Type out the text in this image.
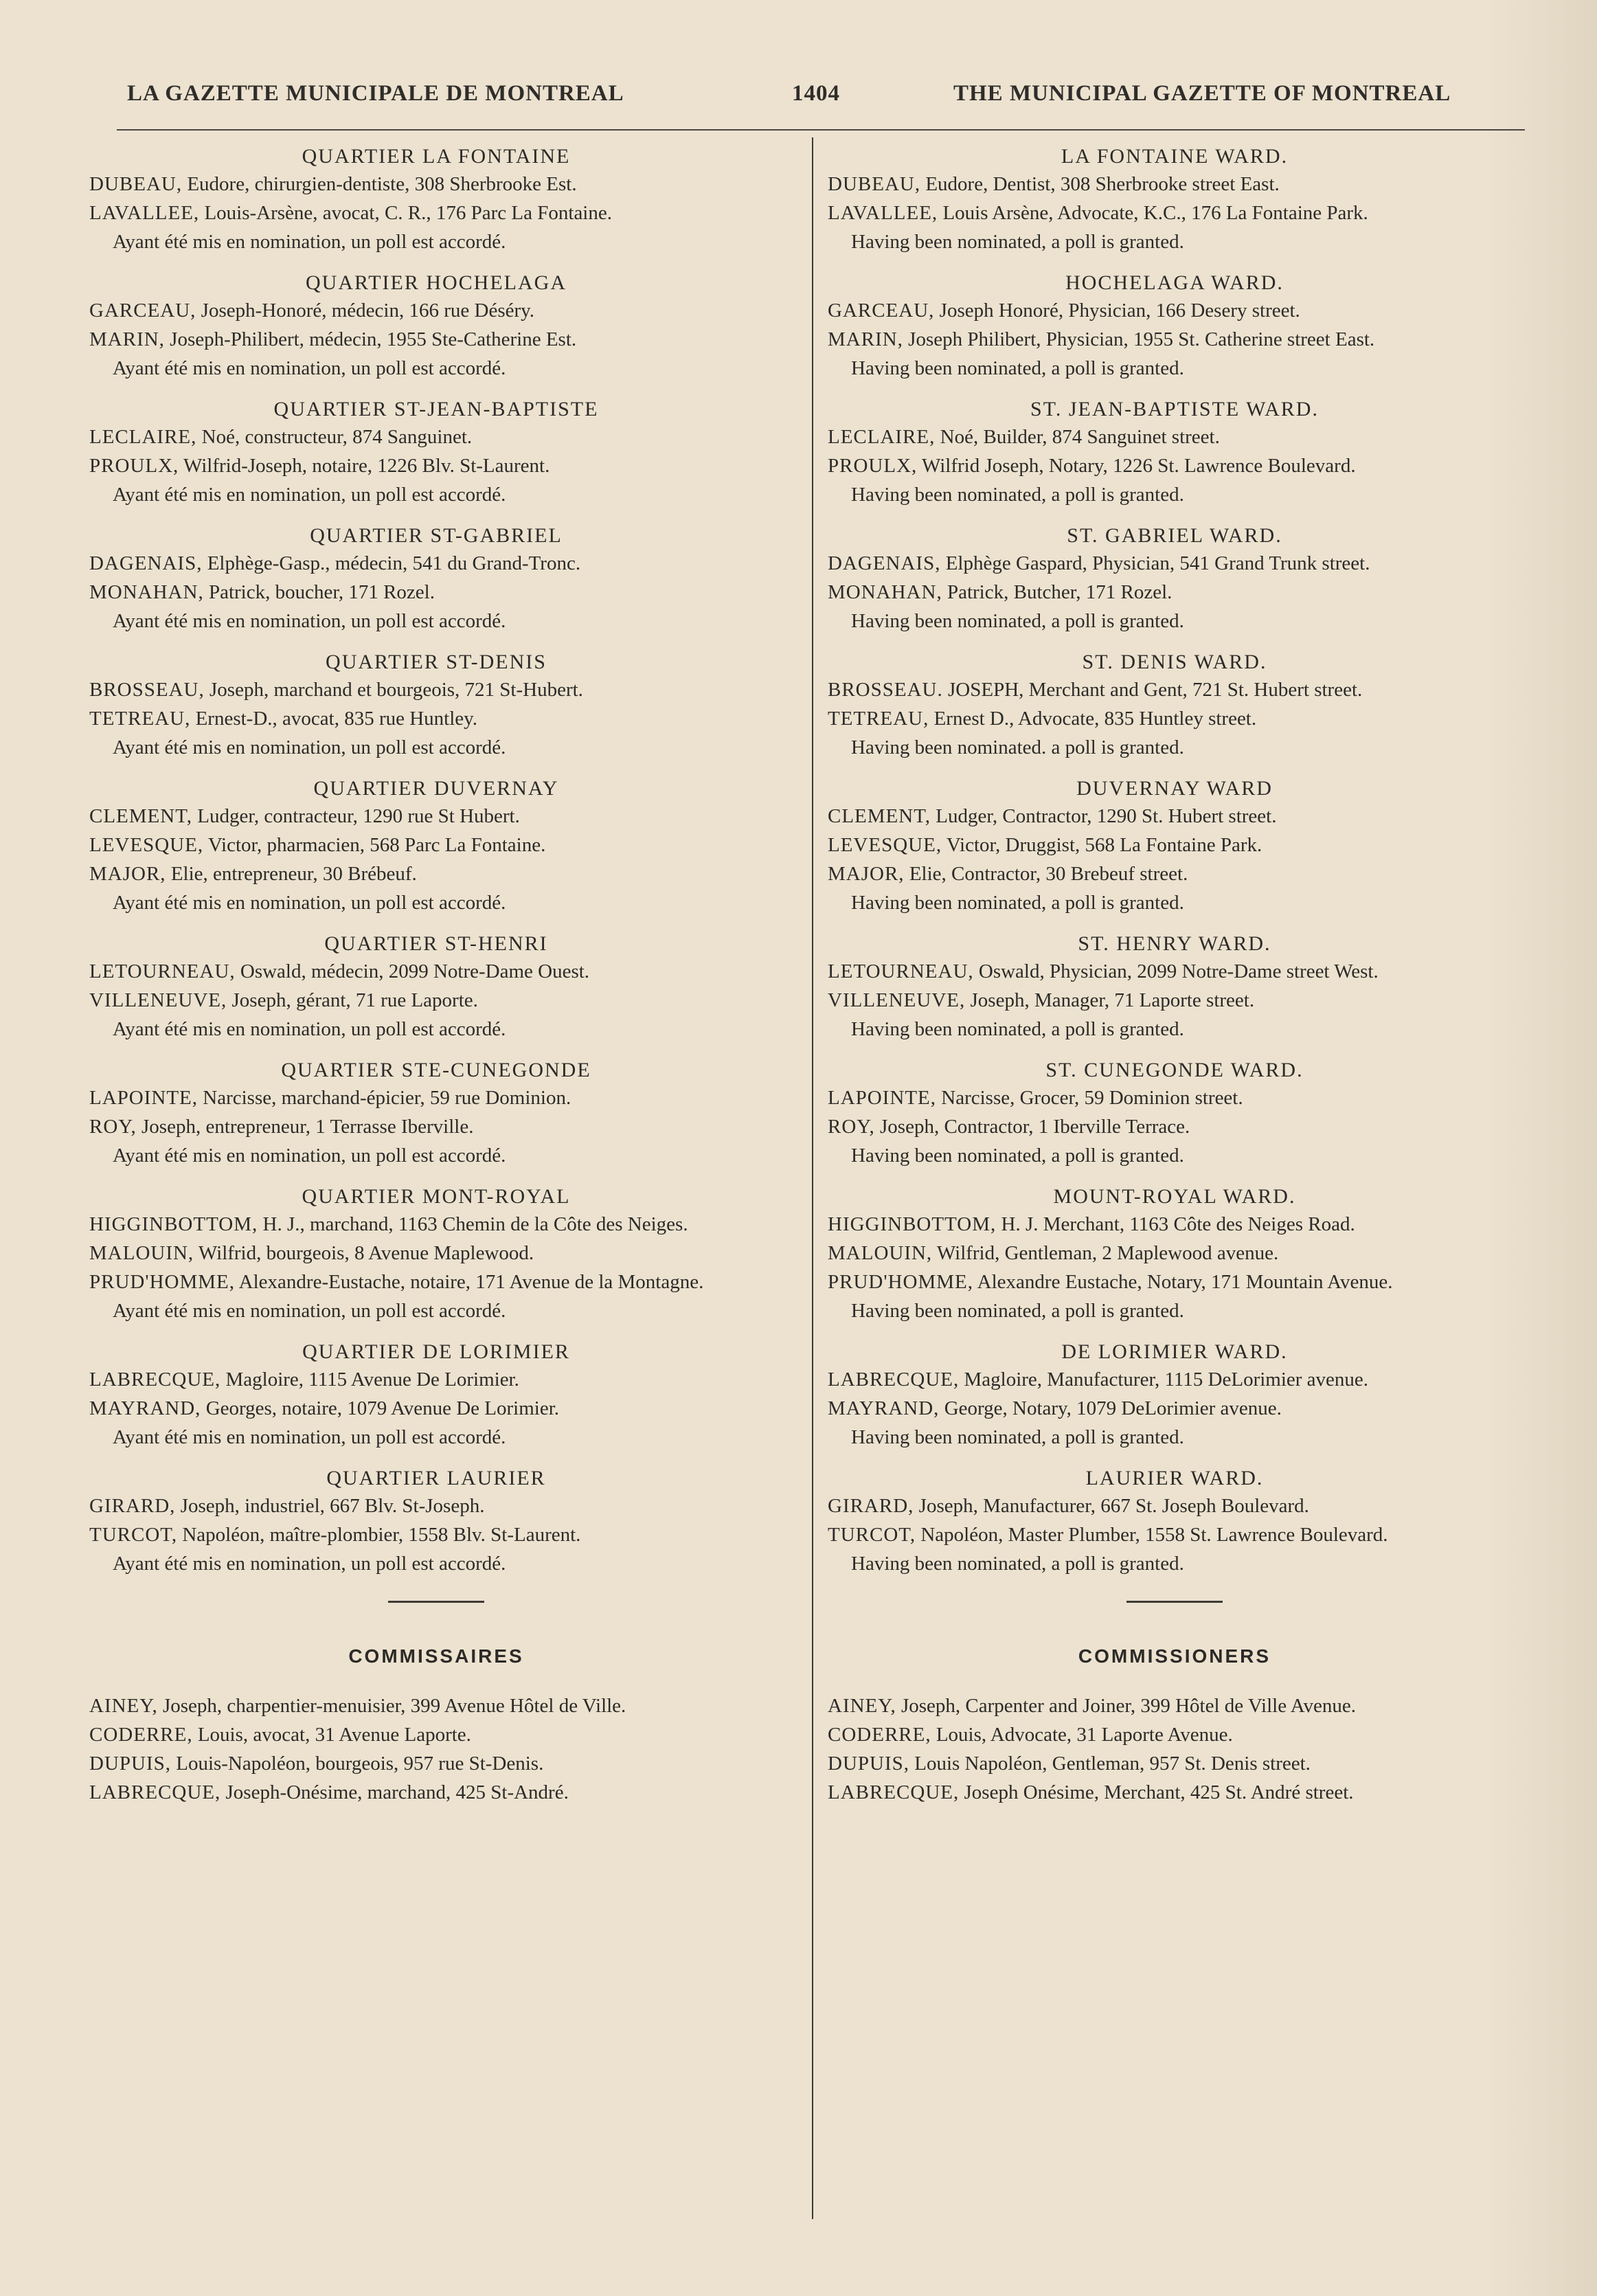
LA GAZETTE MUNICIPALE DE MONTREAL	1404	THE MUNICIPAL GAZETTE OF MONTREAL
QUARTIER LA FONTAINE
DUBEAU, Eudore, chirurgien-dentiste, 308 Sherbrooke Est.
LAVALLEE, Louis-Arsène, avocat, C. R., 176 Parc La Fontaine.
Ayant été mis en nomination, un poll est accordé.
QUARTIER HOCHELAGA
GARCEAU, Joseph-Honoré, médecin, 166 rue Déséry.
MARIN, Joseph-Philibert, médecin, 1955 Ste-Catherine Est.
Ayant été mis en nomination, un poll est accordé.
QUARTIER ST-JEAN-BAPTISTE
LECLAIRE, Noé, constructeur, 874 Sanguinet.
PROULX, Wilfrid-Joseph, notaire, 1226 Blv. St-Laurent.
Ayant été mis en nomination, un poll est accordé.
QUARTIER ST-GABRIEL
DAGENAIS, Elphège-Gasp., médecin, 541 du Grand-Tronc.
MONAHAN, Patrick, boucher, 171 Rozel.
Ayant été mis en nomination, un poll est accordé.
QUARTIER ST-DENIS
BROSSEAU, Joseph, marchand et bourgeois, 721 St-Hubert.
TETREAU, Ernest-D., avocat, 835 rue Huntley.
Ayant été mis en nomination, un poll est accordé.
QUARTIER DUVERNAY
CLEMENT, Ludger, contracteur, 1290 rue St Hubert.
LEVESQUE, Victor, pharmacien, 568 Parc La Fontaine.
MAJOR, Elie, entrepreneur, 30 Brébeuf.
Ayant été mis en nomination, un poll est accordé.
QUARTIER ST-HENRI
LETOURNEAU, Oswald, médecin, 2099 Notre-Dame Ouest.
VILLENEUVE, Joseph, gérant, 71 rue Laporte.
Ayant été mis en nomination, un poll est accordé.
QUARTIER STE-CUNEGONDE
LAPOINTE, Narcisse, marchand-épicier, 59 rue Dominion.
ROY, Joseph, entrepreneur, 1 Terrasse Iberville.
Ayant été mis en nomination, un poll est accordé.
QUARTIER MONT-ROYAL
HIGGINBOTTOM, H. J., marchand, 1163 Chemin de la Côte des Neiges.
MALOUIN, Wilfrid, bourgeois, 8 Avenue Maplewood.
PRUD'HOMME, Alexandre-Eustache, notaire, 171 Avenue de la Montagne.
Ayant été mis en nomination, un poll est accordé.
QUARTIER DE LORIMIER
LABRECQUE, Magloire, 1115 Avenue De Lorimier.
MAYRAND, Georges, notaire, 1079 Avenue De Lorimier.
Ayant été mis en nomination, un poll est accordé.
QUARTIER LAURIER
GIRARD, Joseph, industriel, 667 Blv. St-Joseph.
TURCOT, Napoléon, maître-plombier, 1558 Blv. St-Laurent.
Ayant été mis en nomination, un poll est accordé.
COMMISSAIRES
AINEY, Joseph, charpentier-menuisier, 399 Avenue Hôtel de Ville.
CODERRE, Louis, avocat, 31 Avenue Laporte.
DUPUIS, Louis-Napoléon, bourgeois, 957 rue St-Denis.
LABRECQUE, Joseph-Onésime, marchand, 425 St-André.
LA FONTAINE WARD.
DUBEAU, Eudore, Dentist, 308 Sherbrooke street East.
LAVALLEE, Louis Arsène, Advocate, K.C., 176 La Fontaine Park.
Having been nominated, a poll is granted.
HOCHELAGA WARD.
GARCEAU, Joseph Honoré, Physician, 166 Desery street.
MARIN, Joseph Philibert, Physician, 1955 St. Catherine street East.
Having been nominated, a poll is granted.
ST. JEAN-BAPTISTE WARD.
LECLAIRE, Noé, Builder, 874 Sanguinet street.
PROULX, Wilfrid Joseph, Notary, 1226 St. Lawrence Boulevard.
Having been nominated, a poll is granted.
ST. GABRIEL WARD.
DAGENAIS, Elphège Gaspard, Physician, 541 Grand Trunk street.
MONAHAN, Patrick, Butcher, 171 Rozel.
Having been nominated, a poll is granted.
ST. DENIS WARD.
BROSSEAU. JOSEPH, Merchant and Gent, 721 St. Hubert street.
TETREAU, Ernest D., Advocate, 835 Huntley street.
Having been nominated. a poll is granted.
DUVERNAY WARD
CLEMENT, Ludger, Contractor, 1290 St. Hubert street.
LEVESQUE, Victor, Druggist, 568 La Fontaine Park.
MAJOR, Elie, Contractor, 30 Brebeuf street.
Having been nominated, a poll is granted.
ST. HENRY WARD.
LETOURNEAU, Oswald, Physician, 2099 Notre-Dame street West.
VILLENEUVE, Joseph, Manager, 71 Laporte street.
Having been nominated, a poll is granted.
ST. CUNEGONDE WARD.
LAPOINTE, Narcisse, Grocer, 59 Dominion street.
ROY, Joseph, Contractor, 1 Iberville Terrace.
Having been nominated, a poll is granted.
MOUNT-ROYAL WARD.
HIGGINBOTTOM, H. J. Merchant, 1163 Côte des Neiges Road.
MALOUIN, Wilfrid, Gentleman, 2 Maplewood avenue.
PRUD'HOMME, Alexandre Eustache, Notary, 171 Mountain Avenue.
Having been nominated, a poll is granted.
DE LORIMIER WARD.
LABRECQUE, Magloire, Manufacturer, 1115 DeLorimier avenue.
MAYRAND, George, Notary, 1079 DeLorimier avenue.
Having been nominated, a poll is granted.
LAURIER WARD.
GIRARD, Joseph, Manufacturer, 667 St. Joseph Boulevard.
TURCOT, Napoléon, Master Plumber, 1558 St. Lawrence Boulevard.
Having been nominated, a poll is granted.
COMMISSIONERS
AINEY, Joseph, Carpenter and Joiner, 399 Hôtel de Ville Avenue.
CODERRE, Louis, Advocate, 31 Laporte Avenue.
DUPUIS, Louis Napoléon, Gentleman, 957 St. Denis street.
LABRECQUE, Joseph Onésime, Merchant, 425 St. André street.
